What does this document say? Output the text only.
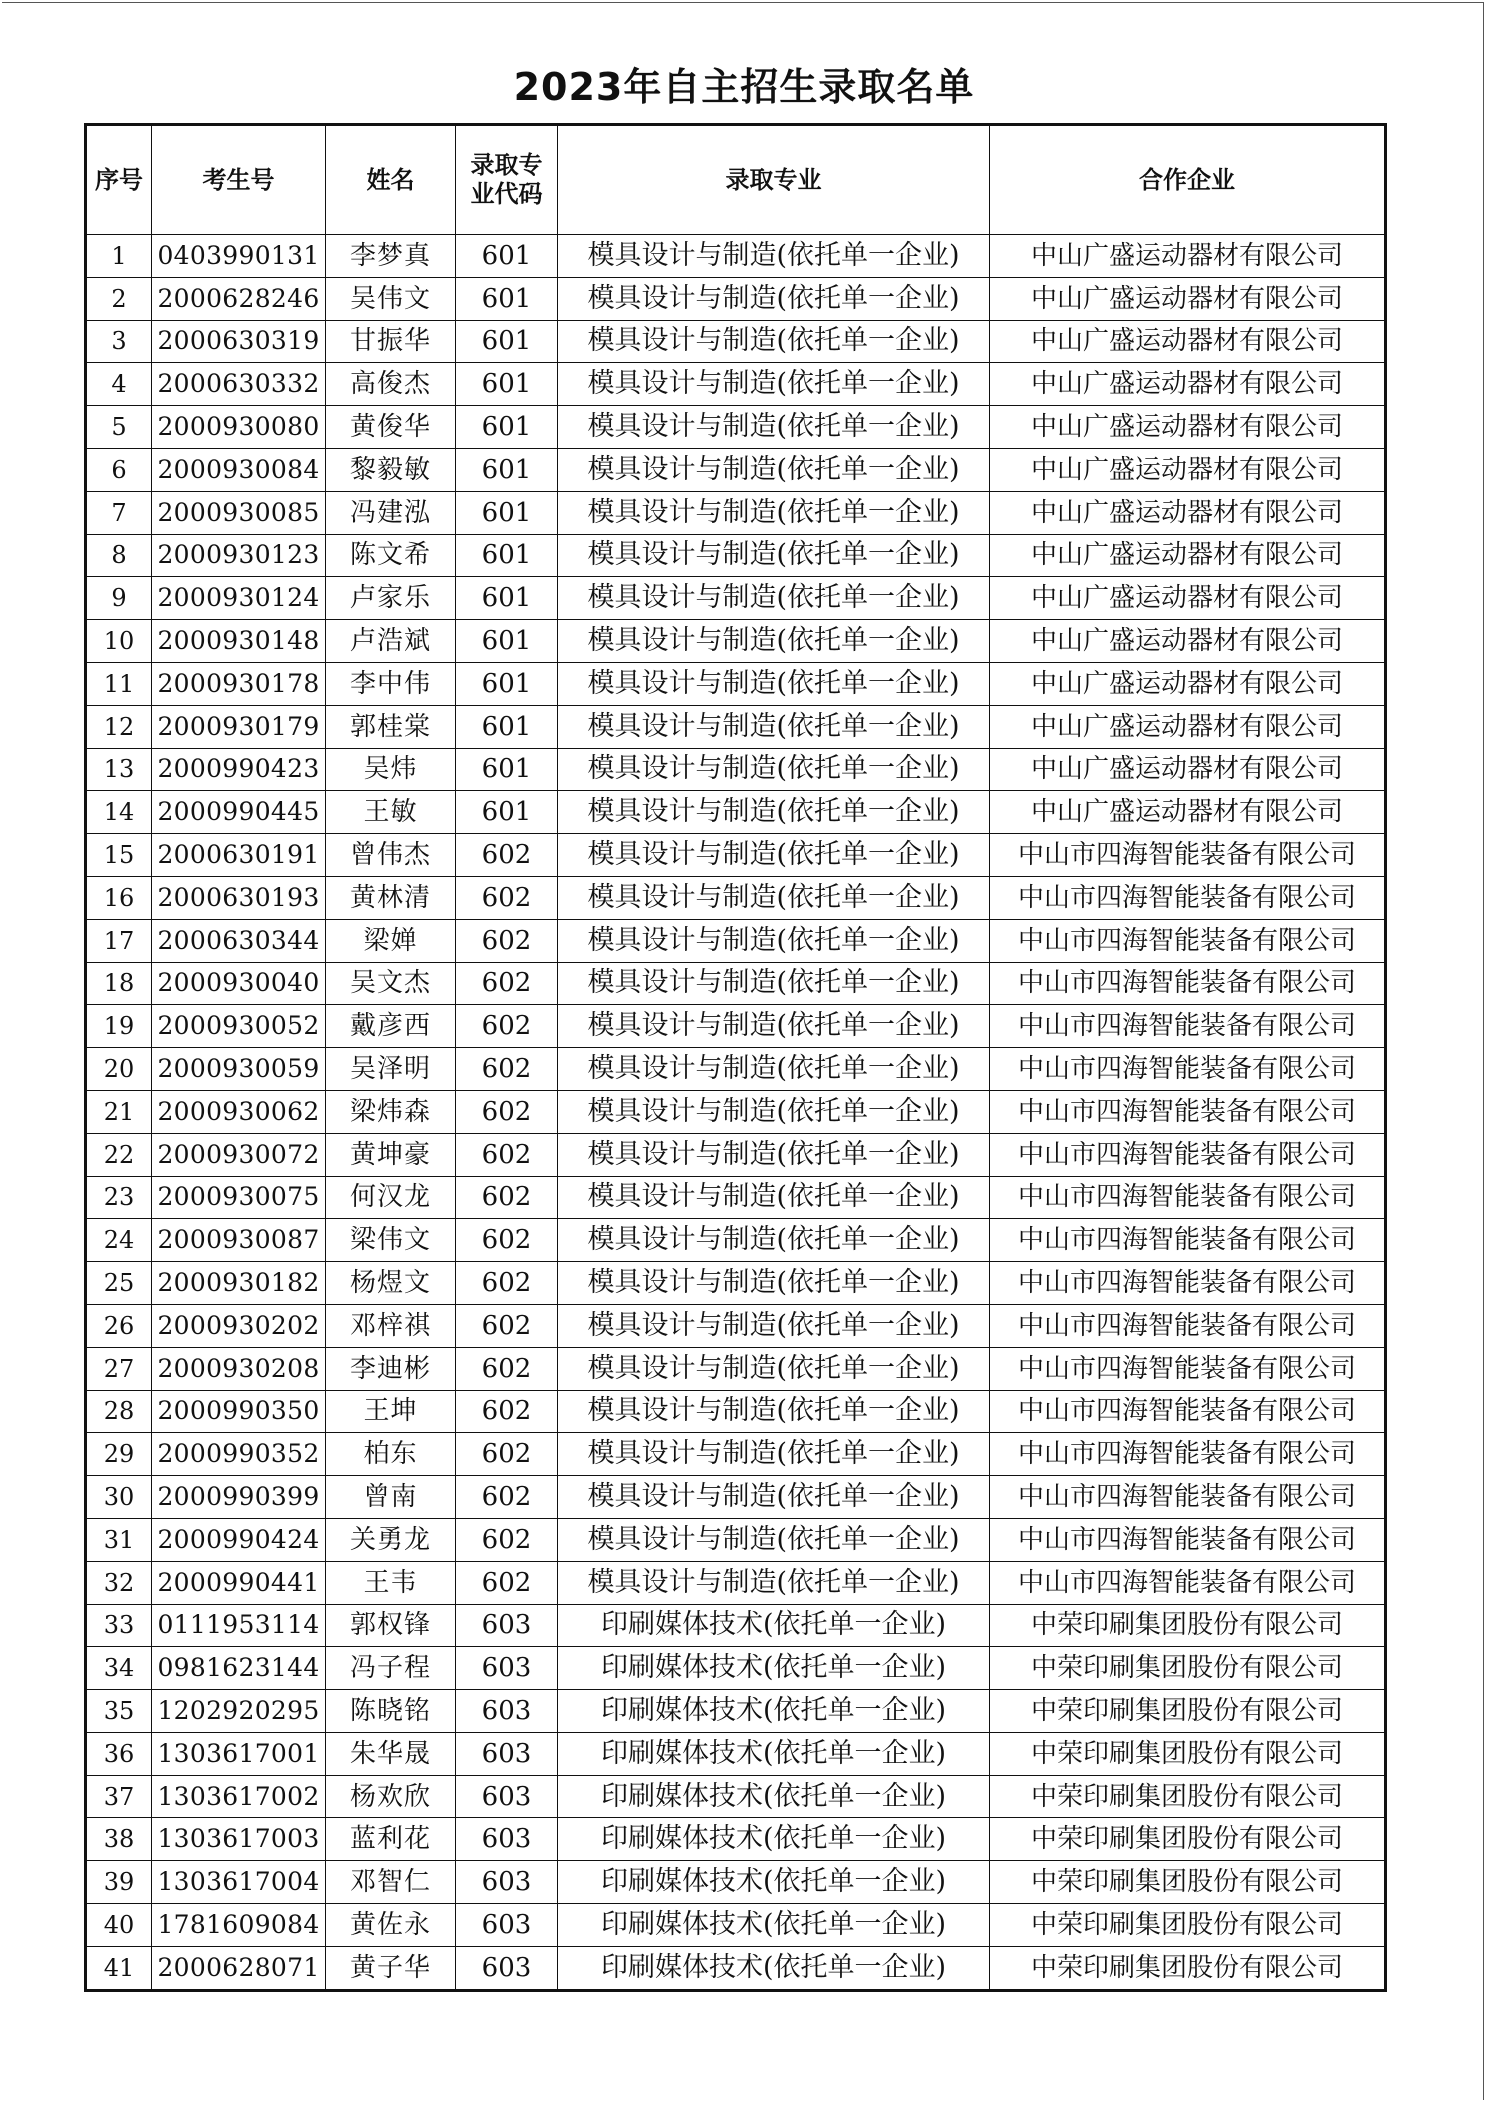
2023年自主招生录取名单
序号	考生号	姓名	录取专业代码	录取专业	合作企业
1	0403990131	李梦真	601	模具设计与制造(依托单一企业)	中山广盛运动器材有限公司
2	2000628246	吴伟文	601	模具设计与制造(依托单一企业)	中山广盛运动器材有限公司
3	2000630319	甘振华	601	模具设计与制造(依托单一企业)	中山广盛运动器材有限公司
4	2000630332	高俊杰	601	模具设计与制造(依托单一企业)	中山广盛运动器材有限公司
5	2000930080	黄俊华	601	模具设计与制造(依托单一企业)	中山广盛运动器材有限公司
6	2000930084	黎毅敏	601	模具设计与制造(依托单一企业)	中山广盛运动器材有限公司
7	2000930085	冯建泓	601	模具设计与制造(依托单一企业)	中山广盛运动器材有限公司
8	2000930123	陈文希	601	模具设计与制造(依托单一企业)	中山广盛运动器材有限公司
9	2000930124	卢家乐	601	模具设计与制造(依托单一企业)	中山广盛运动器材有限公司
10	2000930148	卢浩斌	601	模具设计与制造(依托单一企业)	中山广盛运动器材有限公司
11	2000930178	李中伟	601	模具设计与制造(依托单一企业)	中山广盛运动器材有限公司
12	2000930179	郭桂棠	601	模具设计与制造(依托单一企业)	中山广盛运动器材有限公司
13	2000990423	吴炜	601	模具设计与制造(依托单一企业)	中山广盛运动器材有限公司
14	2000990445	王敏	601	模具设计与制造(依托单一企业)	中山广盛运动器材有限公司
15	2000630191	曾伟杰	602	模具设计与制造(依托单一企业)	中山市四海智能装备有限公司
16	2000630193	黄林清	602	模具设计与制造(依托单一企业)	中山市四海智能装备有限公司
17	2000630344	梁婵	602	模具设计与制造(依托单一企业)	中山市四海智能装备有限公司
18	2000930040	吴文杰	602	模具设计与制造(依托单一企业)	中山市四海智能装备有限公司
19	2000930052	戴彦西	602	模具设计与制造(依托单一企业)	中山市四海智能装备有限公司
20	2000930059	吴泽明	602	模具设计与制造(依托单一企业)	中山市四海智能装备有限公司
21	2000930062	梁炜森	602	模具设计与制造(依托单一企业)	中山市四海智能装备有限公司
22	2000930072	黄坤豪	602	模具设计与制造(依托单一企业)	中山市四海智能装备有限公司
23	2000930075	何汉龙	602	模具设计与制造(依托单一企业)	中山市四海智能装备有限公司
24	2000930087	梁伟文	602	模具设计与制造(依托单一企业)	中山市四海智能装备有限公司
25	2000930182	杨煜文	602	模具设计与制造(依托单一企业)	中山市四海智能装备有限公司
26	2000930202	邓梓祺	602	模具设计与制造(依托单一企业)	中山市四海智能装备有限公司
27	2000930208	李迪彬	602	模具设计与制造(依托单一企业)	中山市四海智能装备有限公司
28	2000990350	王坤	602	模具设计与制造(依托单一企业)	中山市四海智能装备有限公司
29	2000990352	柏东	602	模具设计与制造(依托单一企业)	中山市四海智能装备有限公司
30	2000990399	曾南	602	模具设计与制造(依托单一企业)	中山市四海智能装备有限公司
31	2000990424	关勇龙	602	模具设计与制造(依托单一企业)	中山市四海智能装备有限公司
32	2000990441	王韦	602	模具设计与制造(依托单一企业)	中山市四海智能装备有限公司
33	0111953114	郭权锋	603	印刷媒体技术(依托单一企业)	中荣印刷集团股份有限公司
34	0981623144	冯子程	603	印刷媒体技术(依托单一企业)	中荣印刷集团股份有限公司
35	1202920295	陈晓铭	603	印刷媒体技术(依托单一企业)	中荣印刷集团股份有限公司
36	1303617001	朱华晟	603	印刷媒体技术(依托单一企业)	中荣印刷集团股份有限公司
37	1303617002	杨欢欣	603	印刷媒体技术(依托单一企业)	中荣印刷集团股份有限公司
38	1303617003	蓝利花	603	印刷媒体技术(依托单一企业)	中荣印刷集团股份有限公司
39	1303617004	邓智仁	603	印刷媒体技术(依托单一企业)	中荣印刷集团股份有限公司
40	1781609084	黄佐永	603	印刷媒体技术(依托单一企业)	中荣印刷集团股份有限公司
41	2000628071	黄子华	603	印刷媒体技术(依托单一企业)	中荣印刷集团股份有限公司
